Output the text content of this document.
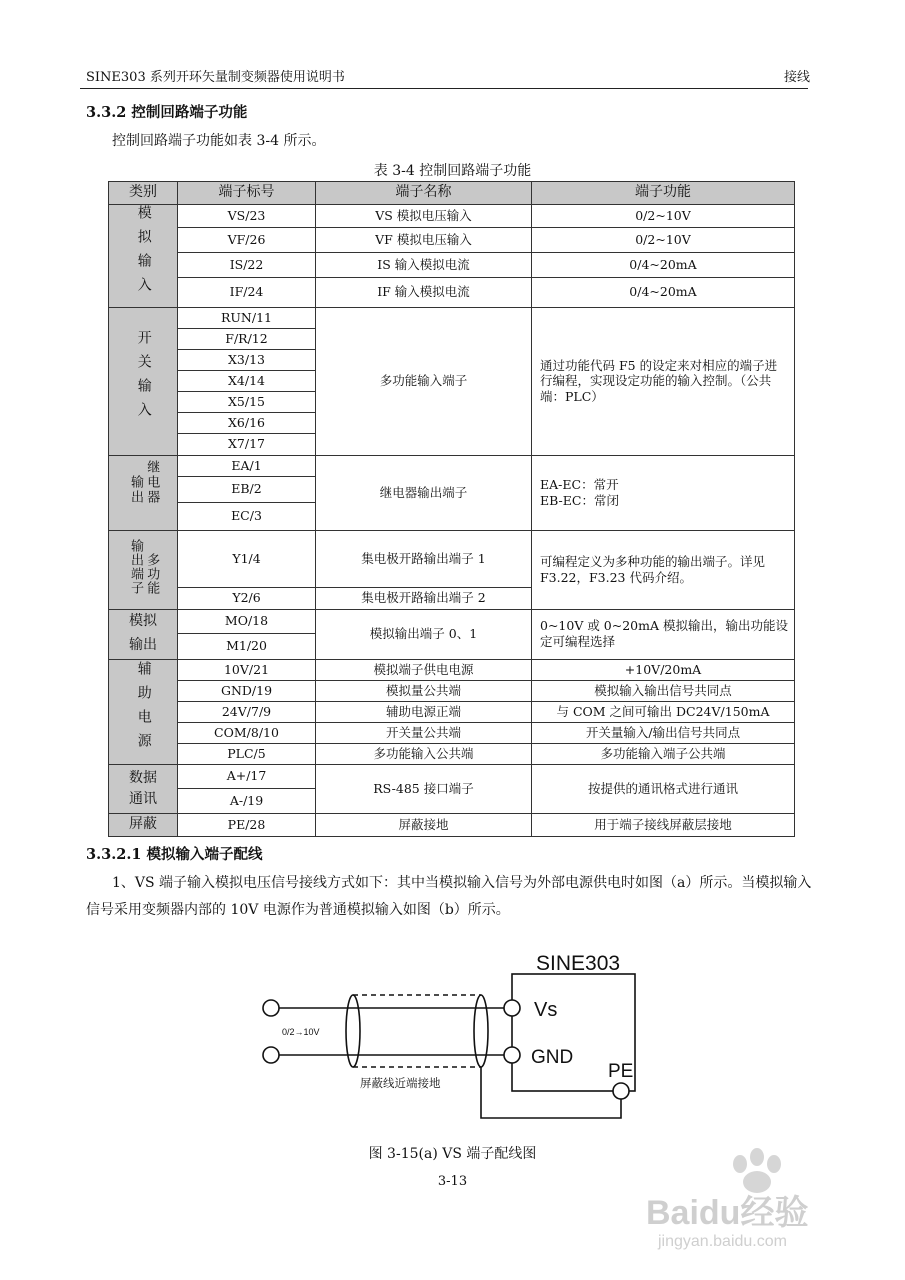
SINE303 系列开环矢量制变频器使用说明书	接线
3.3.2 控制回路端子功能
控制回路端子功能如表 3-4 所示。
表 3-4 控制回路端子功能
类别	端子标号	端子名称	端子功能
模拟输入	VS/23	VS 模拟电压输入	0/2~10V
	VF/26	VF 模拟电压输入	0/2~10V
	IS/22	IS 输入模拟电流	0/4~20mA
	IF/24	IF 输入模拟电流	0/4~20mA
开关输入	RUN/11	多功能输入端子	通过功能代码 F5 的设定来对相应的端子进行编程，实现设定功能的输入控制。（公共端：PLC）
	F/R/12		
	X3/13		
	X4/14		
	X5/15		
	X6/16		
	X7/17		
输出继电器	EA/1	继电器输出端子	EA-EC：常开
EB-EC：常闭

	EB/2		
	EC/3		
输出端子多功能	Y1/4	集电极开路输出端子 1	可编程定义为多种功能的输出端子。详见 F3.22，F3.23 代码介绍。
	Y2/6	集电极开路输出端子 2	

模拟输出	MO/18	模拟输出端子 0、1	0~10V 或 0~20mA 模拟输出，输出功能设定可编程选择
	M1/20		
辅助电源	10V/21	模拟端子供电电源	+10V/20mA
	GND/19	模拟量公共端	模拟输入输出信号共同点
	24V/7/9	辅助电源正端	与 COM 之间可输出 DC24V/150mA
	COM/8/10	开关量公共端	开关量输入/输出信号共同点
	PLC/5	多功能输入公共端	多功能输入端子公共端

数据
通讯	A+/17	RS-485 接口端子	按提供的通讯格式进行通讯
	A-/19		
屏蔽	PE/28	屏蔽接地	用于端子接线屏蔽层接地
3.3.2.1 模拟输入端子配线
1、VS 端子输入模拟电压信号接线方式如下：其中当模拟输入信号为外部电源供电时如图（a）所示。当模拟输入信号采用变频器内部的 10V 电源作为普通模拟输入如图（b）所示。
SINE303
Vs
GND
PE
0/2→10V
屏蔽线近端接地
图 3-15(a) VS 端子配线图
3-13
Baidu经验
jingyan.baidu.com
